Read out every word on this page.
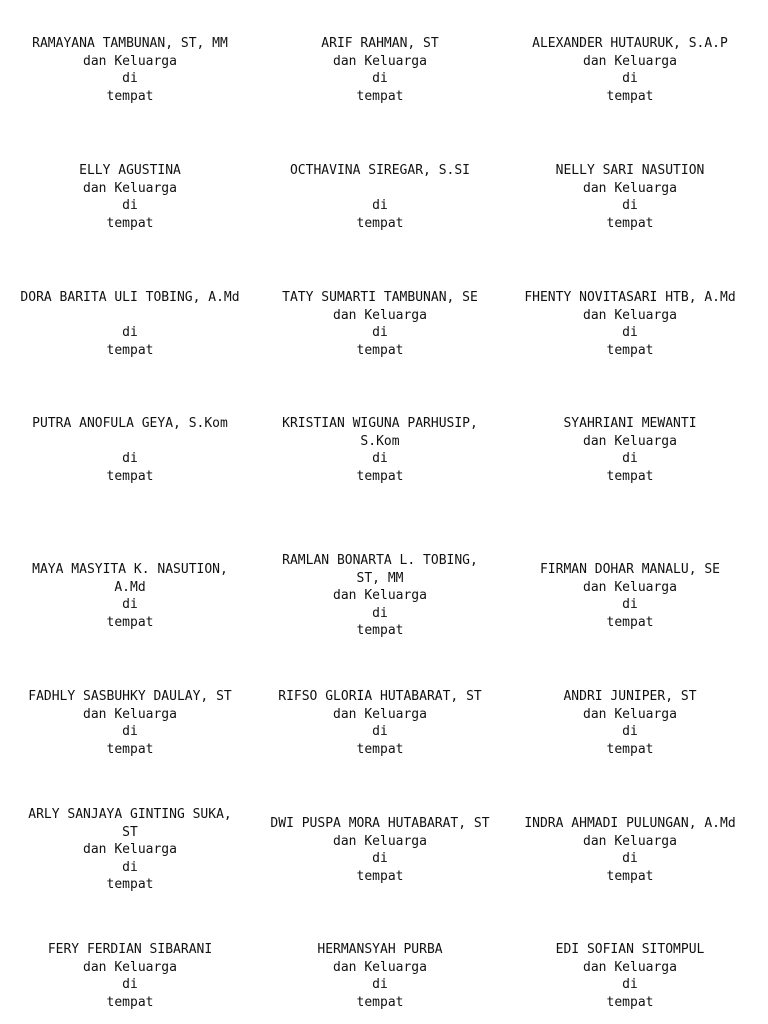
RAMAYANA TAMBUNAN, ST, MM
dan Keluarga
di
tempat
ARIF RAHMAN, ST
dan Keluarga
di
tempat
ALEXANDER HUTAURUK, S.A.P
dan Keluarga
di
tempat
ELLY AGUSTINA
dan Keluarga
di
tempat
OCTHAVINA SIREGAR, S.SI
di
tempat
NELLY SARI NASUTION
dan Keluarga
di
tempat
DORA BARITA ULI TOBING, A.Md
di
tempat
TATY SUMARTI TAMBUNAN, SE
dan Keluarga
di
tempat
FHENTY NOVITASARI HTB, A.Md
dan Keluarga
di
tempat
PUTRA ANOFULA GEYA, S.Kom
di
tempat
KRISTIAN WIGUNA PARHUSIP,
S.Kom
di
tempat
SYAHRIANI MEWANTI
dan Keluarga
di
tempat
MAYA MASYITA K. NASUTION,
A.Md
di
tempat
RAMLAN BONARTA L. TOBING,
ST, MM
dan Keluarga
di
tempat
FIRMAN DOHAR MANALU, SE
dan Keluarga
di
tempat
FADHLY SASBUHKY DAULAY, ST
dan Keluarga
di
tempat
RIFSO GLORIA HUTABARAT, ST
dan Keluarga
di
tempat
ANDRI JUNIPER, ST
dan Keluarga
di
tempat
ARLY SANJAYA GINTING SUKA,
ST
dan Keluarga
di
tempat
DWI PUSPA MORA HUTABARAT, ST
dan Keluarga
di
tempat
INDRA AHMADI PULUNGAN, A.Md
dan Keluarga
di
tempat
FERY FERDIAN SIBARANI
dan Keluarga
di
tempat
HERMANSYAH PURBA
dan Keluarga
di
tempat
EDI SOFIAN SITOMPUL
dan Keluarga
di
tempat
